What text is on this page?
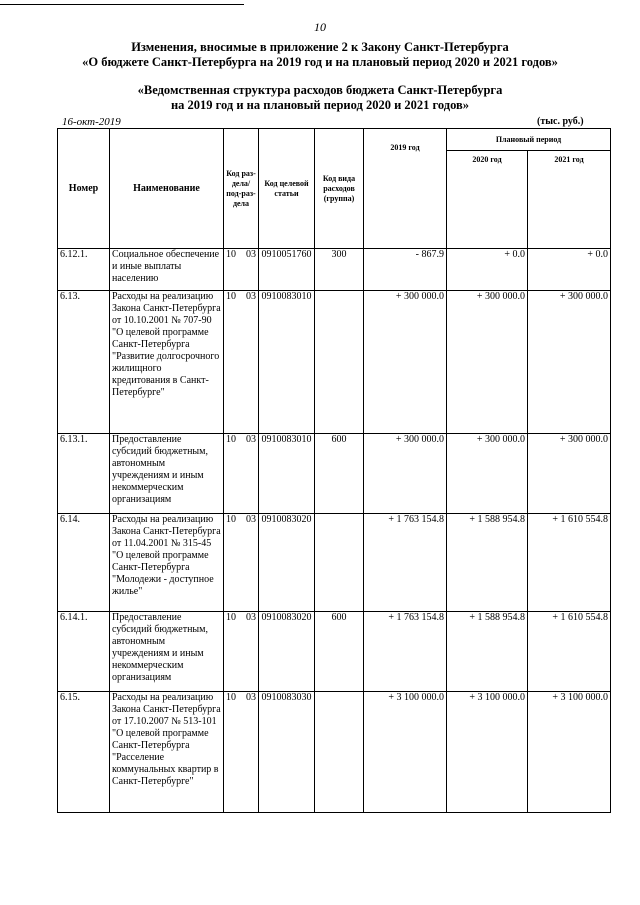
10
Изменения, вносимые в приложение 2 к Закону Санкт-Петербурга
«О бюджете Санкт-Петербурга на 2019 год и на плановый период 2020 и 2021 годов»
«Ведомственная структура расходов бюджета Санкт-Петербурга
на 2019 год и на плановый период 2020 и 2021 годов»
16-окт-2019	(тыс. руб.)
Номер	Наименование	Код раз-дела/ под-раз-дела	Код целевой статьи	Код вида расходов (группа)	2019 год	Плановый период	
						2020 год	2021 год
6.12.1.	Социальное обеспечение и иные выплаты населению	10 03	0910051760	300	- 867.9	+ 0.0	+ 0.0
6.13.	Расходы на реализацию Закона Санкт-Петербурга от 10.10.2001 № 707-90 "О целевой программе Санкт-Петербурга "Развитие долгосрочного жилищного кредитования в Санкт-Петербурге"	10 03	0910083010		+ 300 000.0	+ 300 000.0	+ 300 000.0
6.13.1.	Предоставление субсидий бюджетным, автономным учреждениям и иным некоммерческим организациям	10 03	0910083010	600	+ 300 000.0	+ 300 000.0	+ 300 000.0
6.14.	Расходы на реализацию Закона Санкт-Петербурга от 11.04.2001 № 315-45 "О целевой программе Санкт-Петербурга "Молодежи - доступное жилье"	10 03	0910083020		+ 1 763 154.8	+ 1 588 954.8	+ 1 610 554.8
6.14.1.	Предоставление субсидий бюджетным, автономным учреждениям и иным некоммерческим организациям	10 03	0910083020	600	+ 1 763 154.8	+ 1 588 954.8	+ 1 610 554.8
6.15.	Расходы на реализацию Закона Санкт-Петербурга от 17.10.2007 № 513-101 "О целевой программе Санкт-Петербурга "Расселение коммунальных квартир в Санкт-Петербурге"	10 03	0910083030		+ 3 100 000.0	+ 3 100 000.0	+ 3 100 000.0
